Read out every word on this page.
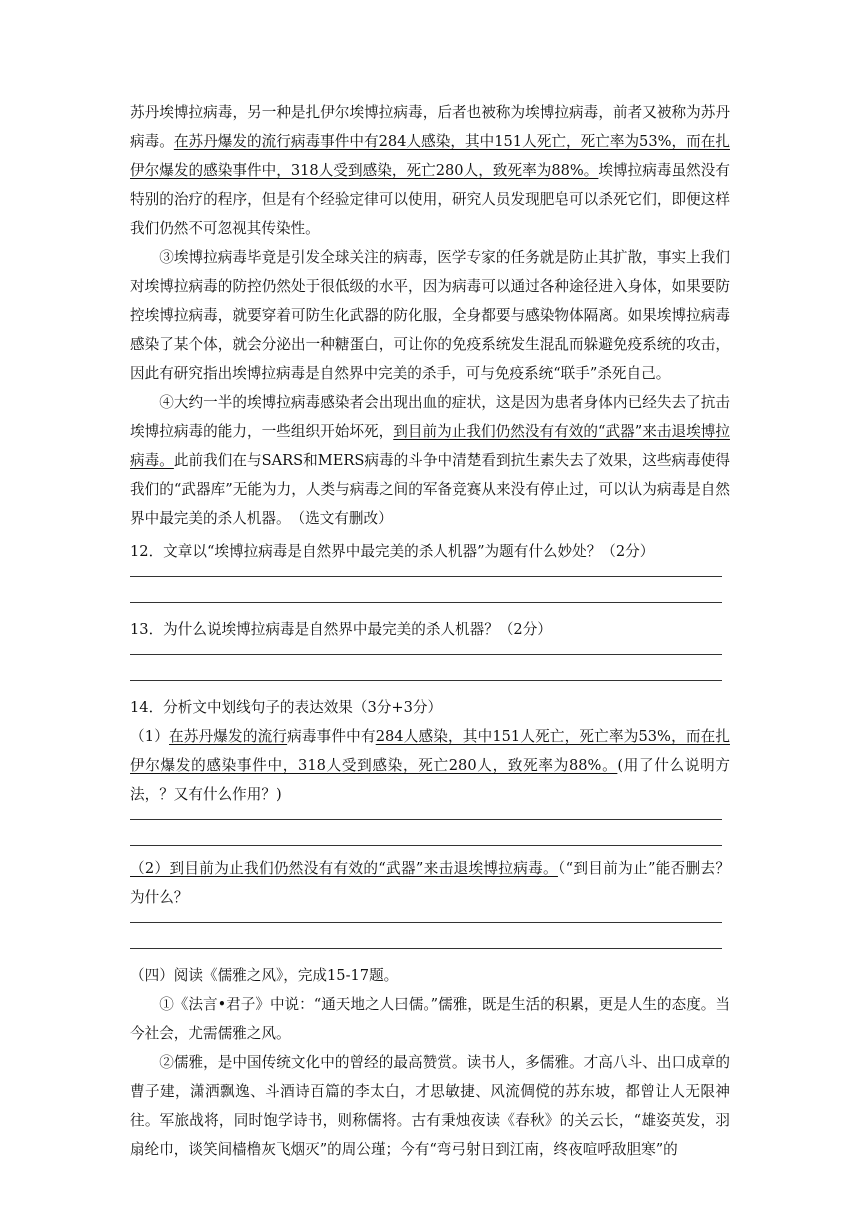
苏丹埃博拉病毒，另一种是扎伊尔埃博拉病毒，后者也被称为埃博拉病毒，前者又被称为苏丹病毒。在苏丹爆发的流行病毒事件中有284人感染，其中151人死亡，死亡率为53%，而在扎伊尔爆发的感染事件中，318人受到感染，死亡280人，致死率为88%。埃博拉病毒虽然没有特别的治疗的程序，但是有个经验定律可以使用，研究人员发现肥皂可以杀死它们，即便这样我们仍然不可忽视其传染性。

③埃博拉病毒毕竟是引发全球关注的病毒，医学专家的任务就是防止其扩散，事实上我们对埃博拉病毒的防控仍然处于很低级的水平，因为病毒可以通过各种途径进入身体，如果要防控埃博拉病毒，就要穿着可防生化武器的防化服，全身都要与感染物体隔离。如果埃博拉病毒感染了某个体，就会分泌出一种糖蛋白，可让你的免疫系统发生混乱而躲避免疫系统的攻击，因此有研究指出埃博拉病毒是自然界中完美的杀手，可与免疫系统“联手”杀死自己。

④大约一半的埃博拉病毒感染者会出现出血的症状，这是因为患者身体内已经失去了抗击埃博拉病毒的能力，一些组织开始坏死，到目前为止我们仍然没有有效的“武器”来击退埃博拉病毒。此前我们在与SARS和MERS病毒的斗争中清楚看到抗生素失去了效果，这些病毒使得我们的“武器库”无能为力，人类与病毒之间的军备竞赛从来没有停止过，可以认为病毒是自然界中最完美的杀人机器。　（选文有删改）

12．文章以“埃博拉病毒是自然界中最完美的杀人机器”为题有什么妙处？（2分）

13．为什么说埃博拉病毒是自然界中最完美的杀人机器？（2分）

14．分析文中划线句子的表达效果（3分+3分）

（1）在苏丹爆发的流行病毒事件中有284人感染，其中151人死亡，死亡率为53%，而在扎伊尔爆发的感染事件中，318人受到感染，死亡280人，致死率为88%。(用了什么说明方法，？又有什么作用？)

（2）到目前为止我们仍然没有有效的“武器”来击退埃博拉病毒。（“到目前为止”能否删去？为什么？

（四）阅读《儒雅之风》，完成15-17题。

①《法言•君子》中说：“通天地之人曰儒。”儒雅，既是生活的积累，更是人生的态度。当今社会，尤需儒雅之风。

②儒雅，是中国传统文化中的曾经的最高赞赏。读书人，多儒雅。才高八斗、出口成章的曹子建，潇洒飘逸、斗酒诗百篇的李太白，才思敏捷、风流倜傥的苏东坡，都曾让人无限神往。军旅战将，同时饱学诗书，则称儒将。古有秉烛夜读《春秋》的关云长，“雄姿英发，羽扇纶巾，谈笑间樯橹灰飞烟灭”的周公瑾；今有“弯弓射日到江南，终夜喧呼敌胆寒”的
